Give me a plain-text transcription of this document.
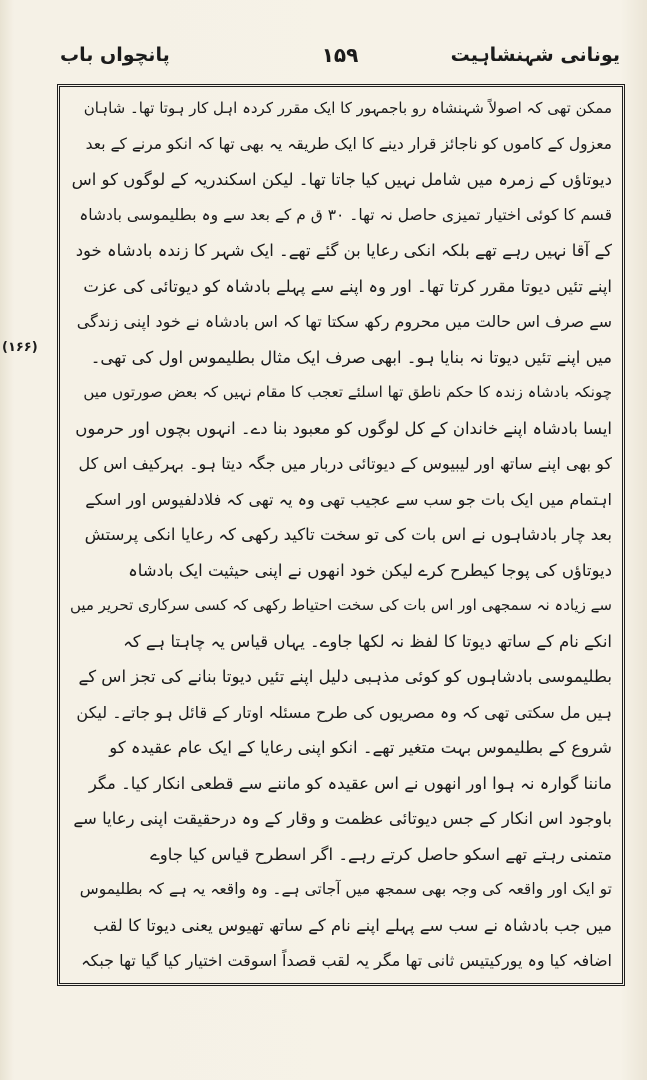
یونانی شہنشاہیت
۱۵۹
پانچواں باب
(۱۶۶)
ممکن تھی کہ اصولاً شہنشاہ رو باجمہور کا ایک مقرر کردہ اہل کار ہوتا تھا۔ شاہان
معزول کے کاموں کو ناجائز قرار دینے کا ایک طریقہ یہ بھی تھا کہ انکو مرنے کے بعد
دیوتاؤں کے زمرہ میں شامل نہیں کیا جاتا تھا۔ لیکن اسکندریہ کے لوگوں کو اس
قسم کا کوئی اختیار تمیزی حاصل نہ تھا۔ ۳۰ ق م کے بعد سے وہ بطلیموسی بادشاہ
کے آقا نہیں رہے تھے بلکہ انکی رعایا بن گئے تھے۔ ایک شہر کا زندہ بادشاہ خود
اپنے تئیں دیوتا مقرر کرتا تھا۔ اور وہ اپنے سے پہلے بادشاہ کو دیوتائی کی عزت
سے صرف اس حالت میں محروم رکھ سکتا تھا کہ اس بادشاہ نے خود اپنی زندگی
میں اپنے تئیں دیوتا نہ بنایا ہو۔ ابھی صرف ایک مثال بطلیموس اول کی تھی۔
چونکہ بادشاہ زندہ کا حکم ناطق تھا اسلئے تعجب کا مقام نہیں کہ بعض صورتوں میں
ایسا بادشاہ اپنے خاندان کے کل لوگوں کو معبود بنا دے۔ انہوں بچوں اور حرموں
کو بھی اپنے ساتھ اور لیبیوس کے دیوتائی دربار میں جگہ دیتا ہو۔ بہرکیف اس کل
اہتمام میں ایک بات جو سب سے عجیب تھی وہ یہ تھی کہ فلادلفیوس اور اسکے
بعد چار بادشاہوں نے اس بات کی تو سخت تاکید رکھی کہ رعایا انکی پرستش
دیوتاؤں کی پوجا کیطرح کرے لیکن خود انھوں نے اپنی حیثیت ایک بادشاہ
سے زیادہ نہ سمجھی اور اس بات کی سخت احتیاط رکھی کہ کسی سرکاری تحریر میں
انکے نام کے ساتھ دیوتا کا لفظ نہ لکھا جاوے۔ یہاں قیاس یہ چاہتا ہے کہ
بطلیموسی بادشاہوں کو کوئی مذہبی دلیل اپنے تئیں دیوتا بنانے کی تجز اس کے
ہیں مل سکتی تھی کہ وہ مصریوں کی طرح مسئلہ اوتار کے قائل ہو جاتے۔ لیکن
شروع کے بطلیموس بہت متغیر تھے۔ انکو اپنی رعایا کے ایک عام عقیدہ کو
ماننا گوارہ نہ ہوا اور انھوں نے اس عقیدہ کو ماننے سے قطعی انکار کیا۔ مگر
باوجود اس انکار کے جس دیوتائی عظمت و وقار کے وہ درحقیقت اپنی رعایا سے
متمنی رہتے تھے اسکو حاصل کرتے رہے۔ اگر اسطرح قیاس کیا جاوے
تو ایک اور واقعہ کی وجہ بھی سمجھ میں آجاتی ہے۔ وہ واقعہ یہ ہے کہ بطلیموس
میں جب بادشاہ نے سب سے پہلے اپنے نام کے ساتھ تھیوس یعنی دیوتا کا لقب
اضافہ کیا وہ یورکیتیس ثانی تھا مگر یہ لقب قصداً اسوقت اختیار کیا گیا تھا جبکہ
